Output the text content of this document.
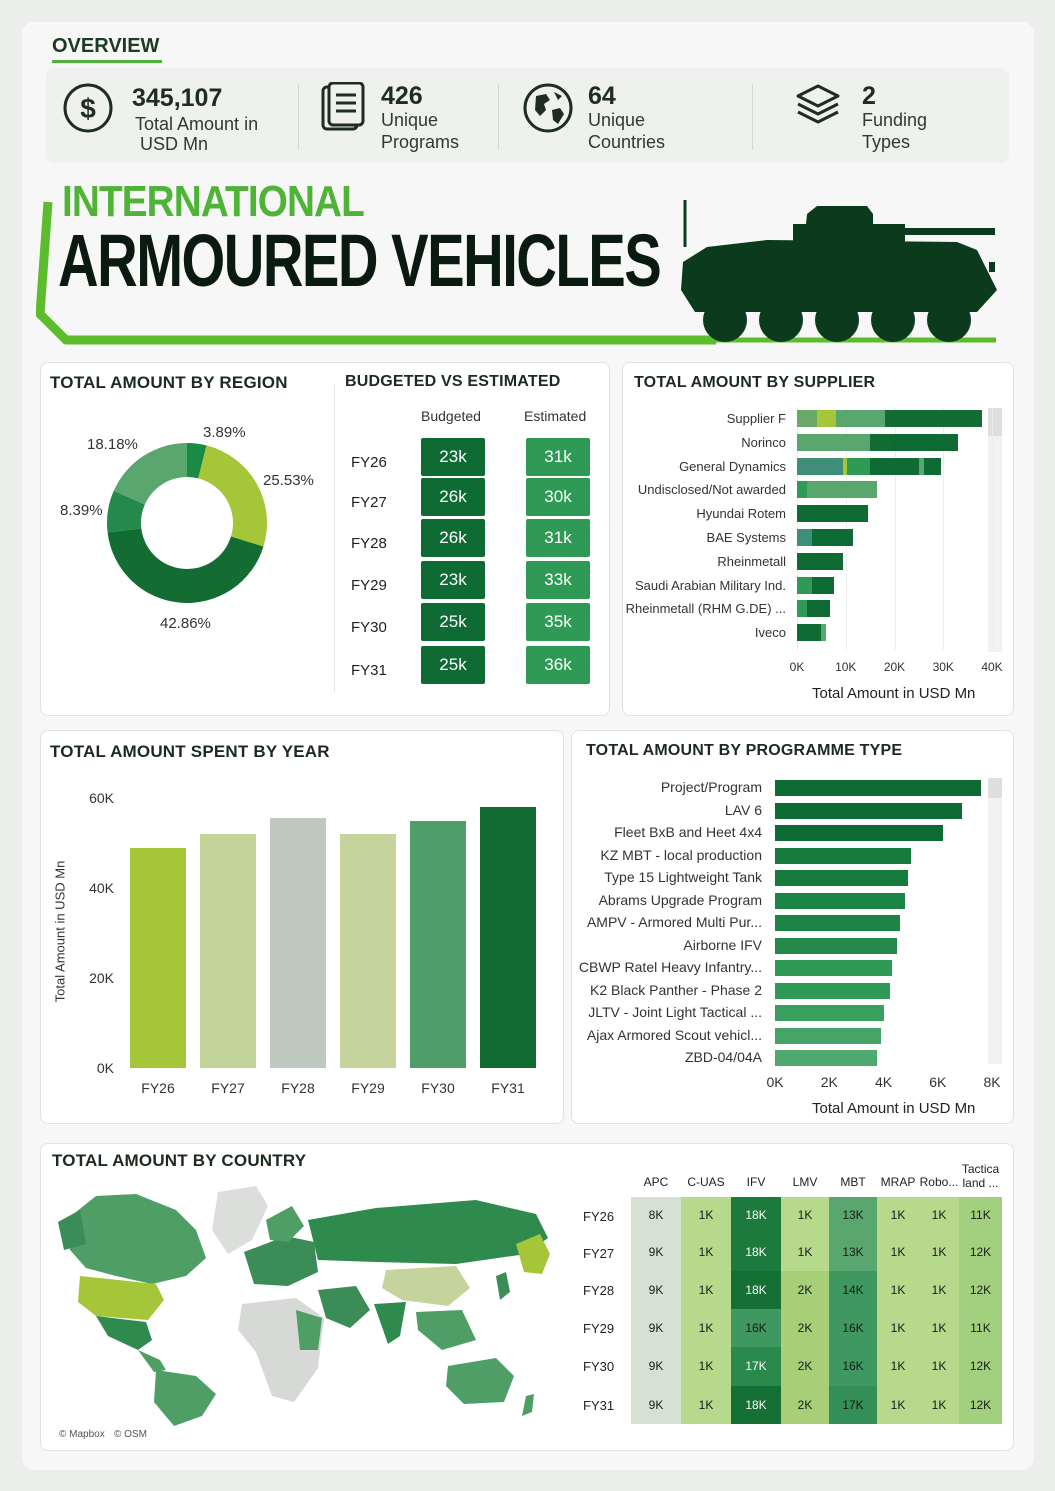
OVERVIEW
$ 345,107
Total Amount in
USD Mn
426
Unique
Programs
64
Unique
Countries
2
Funding
Types
INTERNATIONAL
ARMOURED VEHICLES
TOTAL AMOUNT BY REGION
3.89%
25.53%
42.86%
8.39%
18.18%
BUDGETED VS ESTIMATED
Budgeted	Estimated
TOTAL AMOUNT BY SUPPLIER
Total Amount in USD Mn
TOTAL AMOUNT SPENT BY YEAR
Total Amount in USD Mn
TOTAL AMOUNT BY PROGRAMME TYPE
Total Amount in USD Mn
TOTAL AMOUNT BY COUNTRY
© Mapbox © OSM
FY26	23k	31k
FY27	26k	30k
FY28	26k	31k
FY29	23k	33k
FY30	25k	35k
FY31	25k	36k	0K	10K 20K 30K 40K
Supplier F
Norinco
General Dynamics
Undisclosed/Not awarded
Hyundai Rotem
BAE Systems
Rheinmetall
Saudi Arabian Military Ind.
Rheinmetall (RHM G.DE) ...
Iveco
0K
20K
40K
60K
FY26	FY27	FY28	FY29	FY30	FY31	0K	2K	4K	6K	8K
Project/Program
LAV 6
Fleet BxB and Heet 4x4
KZ MBT - local production
Type 15 Lightweight Tank
Abrams Upgrade Program
AMPV - Armored Multi Pur...
Airborne IFV
CBWP Ratel Heavy Infantry...
K2 Black Panther - Phase 2
JLTV - Joint Light Tactical ...
Ajax Armored Scout vehicl...
ZBD-04/04A
APC	C-UAS	IFV	LMV	MBT	MRAP Robo...
Tactica land ...
FY26	8K	1K	18K	1K	13K	1K	1K	11K
FY27	9K	1K	18K	1K	13K	1K	1K	12K
FY28	9K	1K	18K	2K	14K	1K	1K	12K
FY29	9K	1K	16K	2K	16K	1K	1K	11K
FY30	9K	1K	17K	2K	16K	1K	1K	12K
FY31	9K	1K	18K	2K	17K	1K	1K	12K
